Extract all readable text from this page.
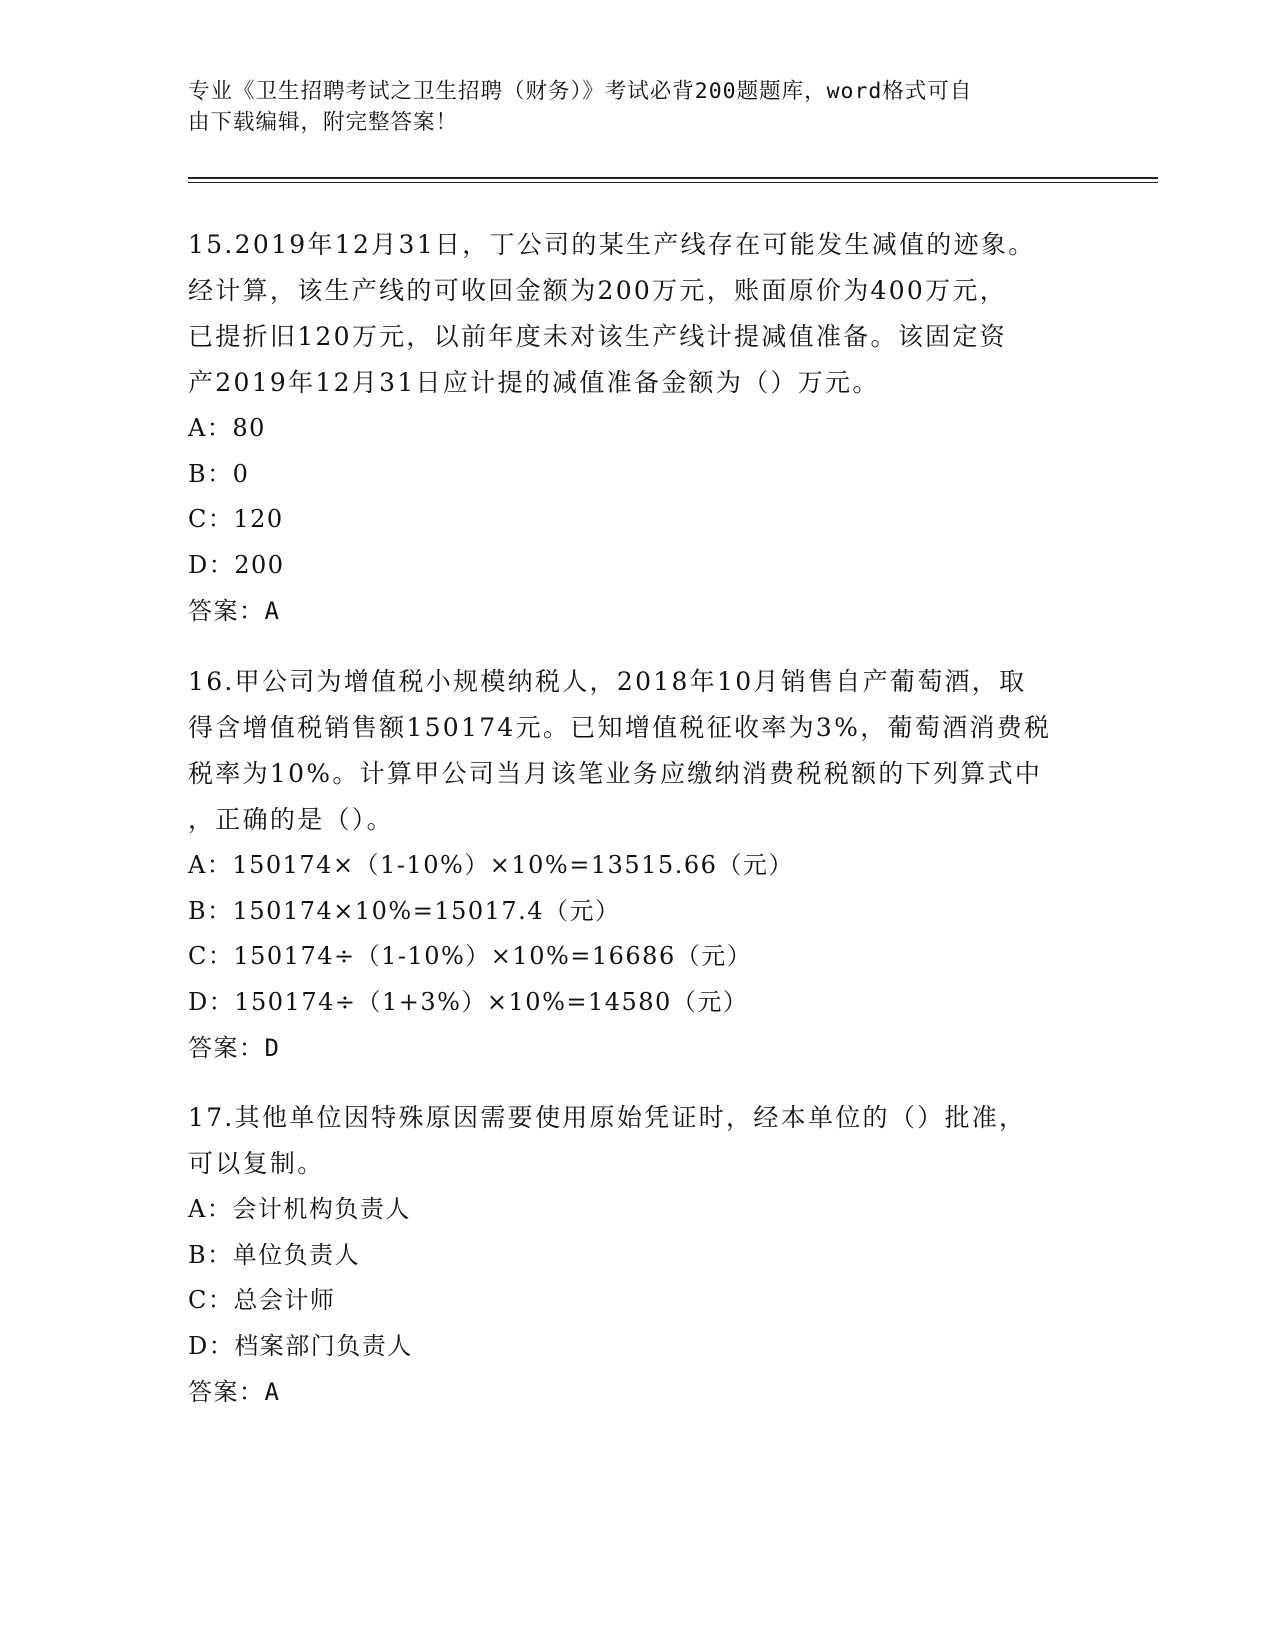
专业《卫生招聘考试之卫生招聘（财务）》考试必背200题题库，word格式可自
由下载编辑，附完整答案！
15.2019年12月31日，丁公司的某生产线存在可能发生减值的迹象。
经计算，该生产线的可收回金额为200万元，账面原价为400万元，
已提折旧120万元，以前年度未对该生产线计提减值准备。该固定资
产2019年12月31日应计提的减值准备金额为（）万元。
A：80
B：0
C：120
D：200
答案：A
16.甲公司为增值税小规模纳税人，2018年10月销售自产葡萄酒，取
得含增值税销售额150174元。已知增值税征收率为3%，葡萄酒消费税
税率为10%。计算甲公司当月该笔业务应缴纳消费税税额的下列算式中
，正确的是（）。
A：150174×（1-10%）×10%=13515.66（元）
B：150174×10%=15017.4（元）
C：150174÷（1-10%）×10%=16686（元）
D：150174÷（1+3%）×10%=14580（元）
答案：D
17.其他单位因特殊原因需要使用原始凭证时，经本单位的（）批准，
可以复制。
A：会计机构负责人
B：单位负责人
C：总会计师
D：档案部门负责人
答案：A
